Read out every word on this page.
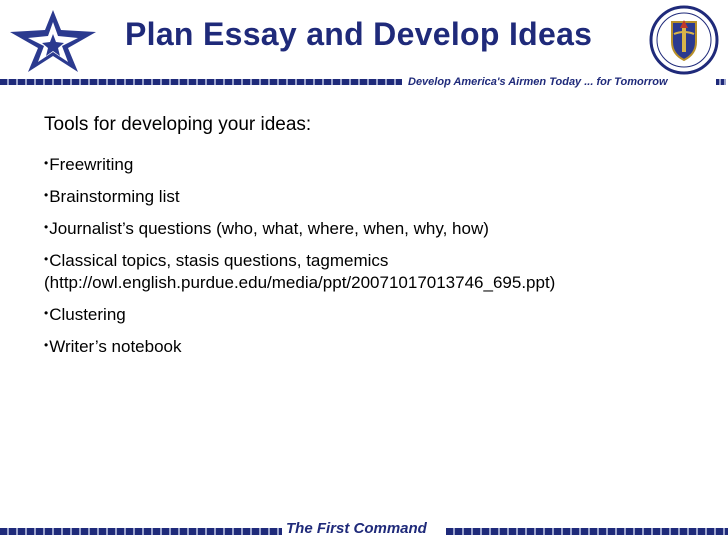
Plan Essay and Develop Ideas
Develop America's Airmen Today ... for Tomorrow
Tools for developing your ideas:
•Freewriting
•Brainstorming list
•Journalist’s questions (who, what, where, when, why, how)
•Classical topics, stasis questions, tagmemics
(http://owl.english.purdue.edu/media/ppt/20071017013746_695.ppt)
•Clustering
•Writer’s notebook
The First Command
